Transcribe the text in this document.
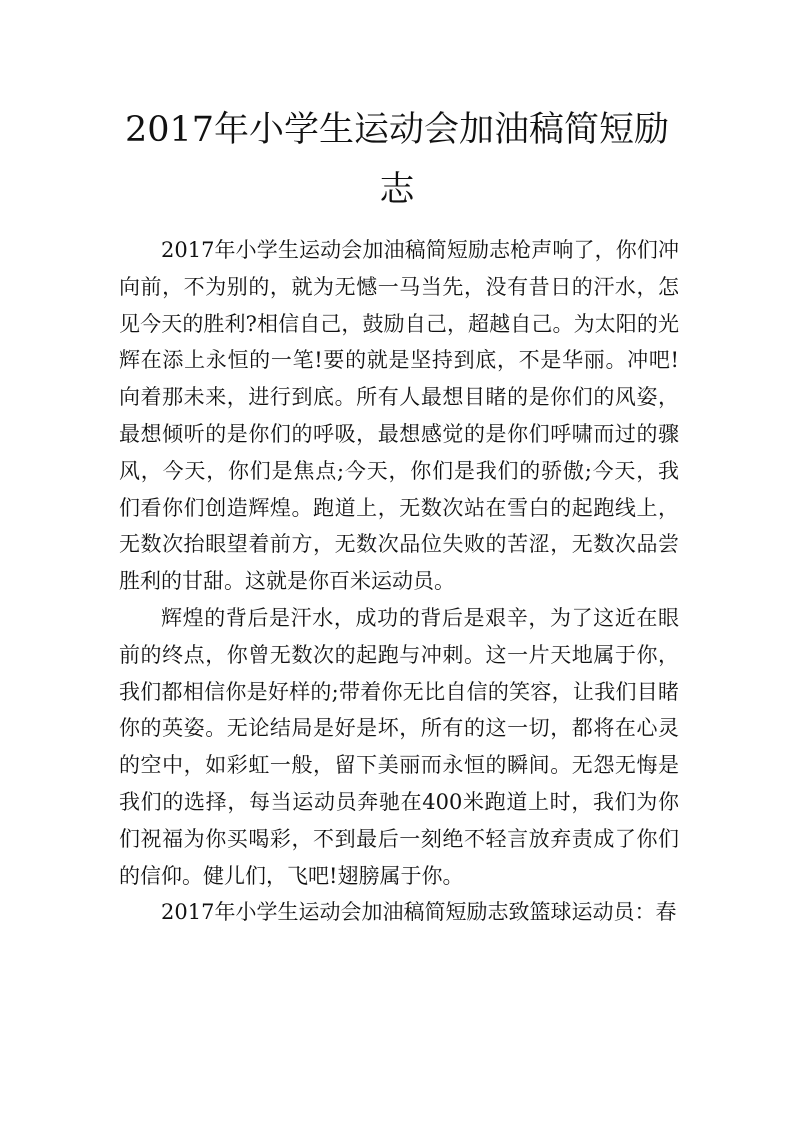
2017年小学生运动会加油稿简短励志

2017年小学生运动会加油稿简短励志枪声响了，你们冲向前，不为别的，就为无憾一马当先，没有昔日的汗水，怎见今天的胜利?相信自己，鼓励自己，超越自己。为太阳的光辉在添上永恒的一笔!要的就是坚持到底，不是华丽。冲吧!向着那未来，进行到底。所有人最想目睹的是你们的风姿，最想倾听的是你们的呼吸，最想感觉的是你们呼啸而过的骤风，今天，你们是焦点;今天，你们是我们的骄傲;今天，我们看你们创造辉煌。跑道上，无数次站在雪白的起跑线上，无数次抬眼望着前方，无数次品位失败的苦涩，无数次品尝胜利的甘甜。这就是你百米运动员。

辉煌的背后是汗水，成功的背后是艰辛，为了这近在眼前的终点，你曾无数次的起跑与冲刺。这一片天地属于你，我们都相信你是好样的;带着你无比自信的笑容，让我们目睹你的英姿。无论结局是好是坏，所有的这一切，都将在心灵的空中，如彩虹一般，留下美丽而永恒的瞬间。无怨无悔是我们的选择，每当运动员奔驰在400米跑道上时，我们为你们祝福为你买喝彩，不到最后一刻绝不轻言放弃责成了你们的信仰。健儿们，飞吧!翅膀属于你。

2017年小学生运动会加油稿简短励志致篮球运动员：春
